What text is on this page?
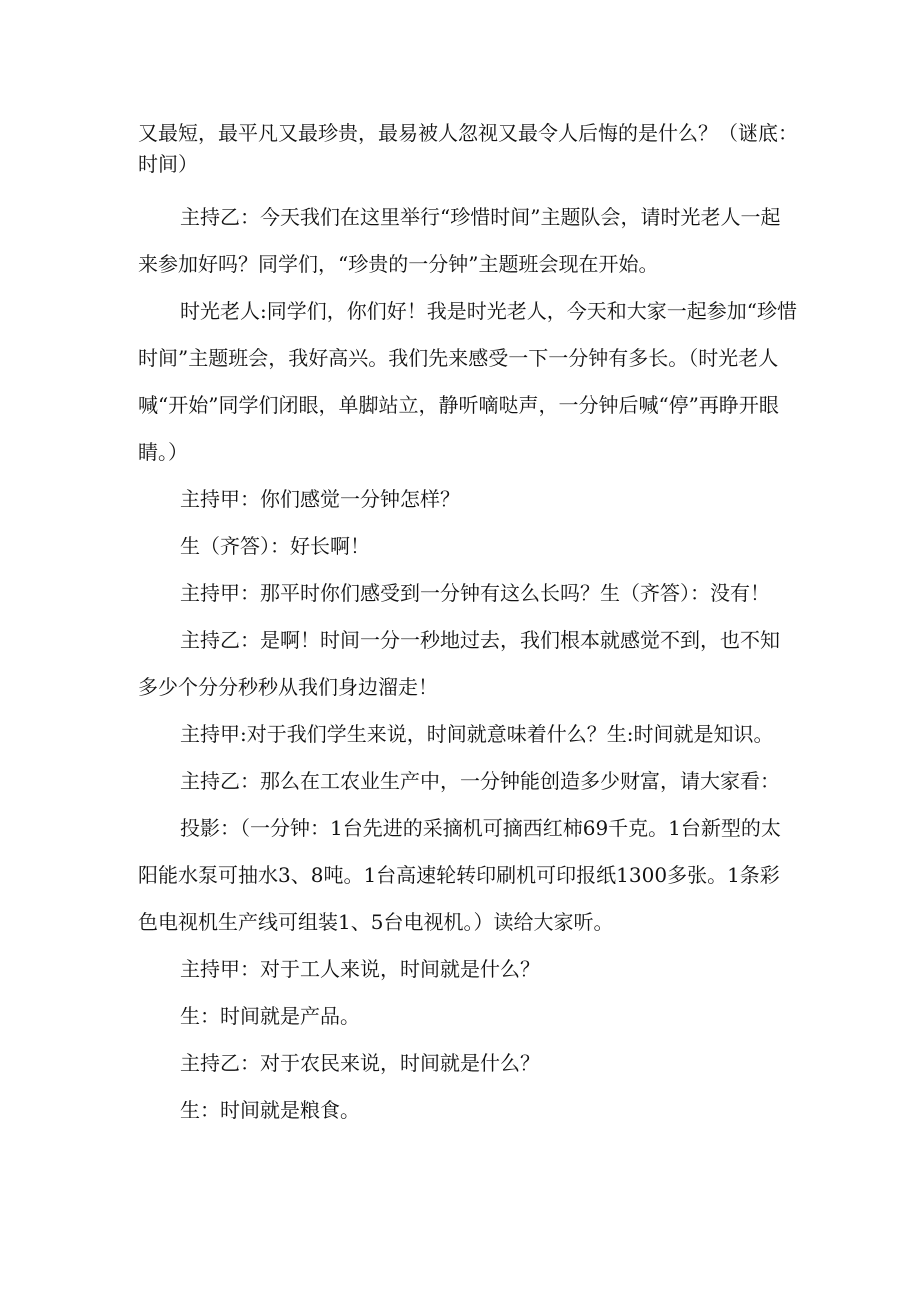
又最短，最平凡又最珍贵，最易被人忽视又最令人后悔的是什么？（谜底：时间）

主持乙：今天我们在这里举行“珍惜时间”主题队会，请时光老人一起来参加好吗？同学们，“珍贵的一分钟”主题班会现在开始。

时光老人:同学们，你们好！我是时光老人，今天和大家一起参加“珍惜时间”主题班会，我好高兴。我们先来感受一下一分钟有多长。（时光老人喊“开始”同学们闭眼，单脚站立，静听嘀哒声，一分钟后喊“停”再睁开眼睛。）

主持甲：你们感觉一分钟怎样？

生（齐答）：好长啊！

主持甲：那平时你们感受到一分钟有这么长吗？生（齐答）：没有！

主持乙：是啊！时间一分一秒地过去，我们根本就感觉不到，也不知多少个分分秒秒从我们身边溜走！

主持甲:对于我们学生来说，时间就意味着什么？生:时间就是知识。

主持乙：那么在工农业生产中，一分钟能创造多少财富，请大家看：

投影：（一分钟：1台先进的采摘机可摘西红柿69千克。1台新型的太阳能水泵可抽水3、8吨。1台高速轮转印刷机可印报纸1300多张。1条彩色电视机生产线可组装1、5台电视机。）读给大家听。

主持甲：对于工人来说，时间就是什么？

生：时间就是产品。

主持乙：对于农民来说，时间就是什么？

生：时间就是粮食。
